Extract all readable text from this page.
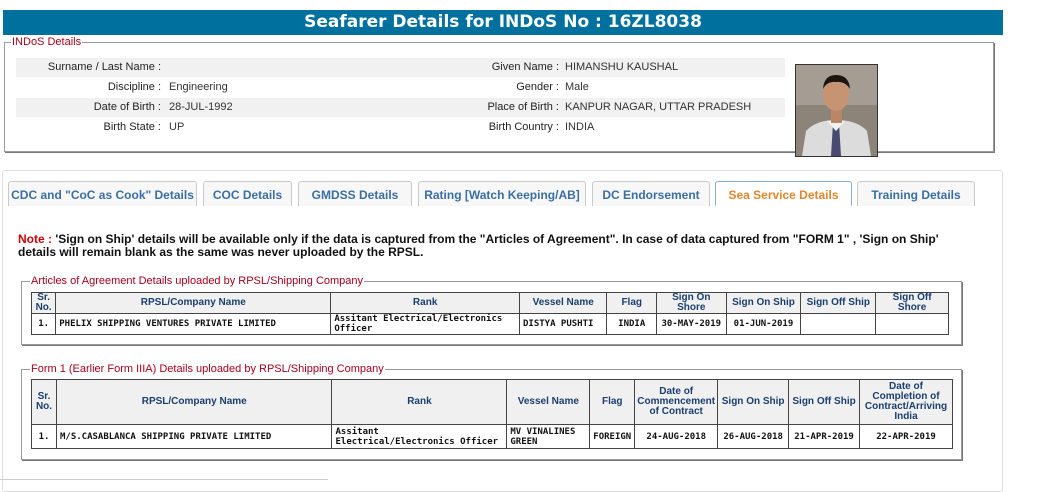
Seafarer Details for INDoS No : 16ZL8038
INDoS Details
Surname / Last Name :	Given Name : HIMANSHU KAUSHAL
Discipline : Engineering	Gender : Male
Date of Birth : 28-JUL-1992	Place of Birth : KANPUR NAGAR, UTTAR PRADESH
Birth State : UP	Birth Country : INDIA
CDC and "CoC as Cook" Details	COC Details	GMDSS Details	Rating [Watch Keeping/AB]	DC Endorsement	Sea Service Details	Training Details
Note : 'Sign on Ship' details will be available only if the data is captured from the "Articles of Agreement". In case of data captured from "FORM 1" , 'Sign on Ship' details will remain blank as the same was never uploaded by the RPSL.
Articles of Agreement Details uploaded by RPSL/Shipping Company
Sr. No.	RPSL/Company Name	Rank	Vessel Name	Flag	Sign On Shore	Sign On Ship	Sign Off Ship	Sign Off Shore
1.	PHELIX SHIPPING VENTURES PRIVATE LIMITED	Assitant Electrical/Electronics Officer	DISTYA PUSHTI	INDIA	30-MAY-2019	01-JUN-2019		
Form 1 (Earlier Form IIIA) Details uploaded by RPSL/Shipping Company
Sr. No.	RPSL/Company Name	Rank	Vessel Name	Flag	Date of Commencement of Contract	Sign On Ship	Sign Off Ship	Date of Completion of Contract/Arriving India
1.	M/S.CASABLANCA SHIPPING PRIVATE LIMITED	Assitant Electrical/Electronics Officer	MV VINALINES GREEN	FOREIGN	24-AUG-2018	26-AUG-2018	21-APR-2019	22-APR-2019
